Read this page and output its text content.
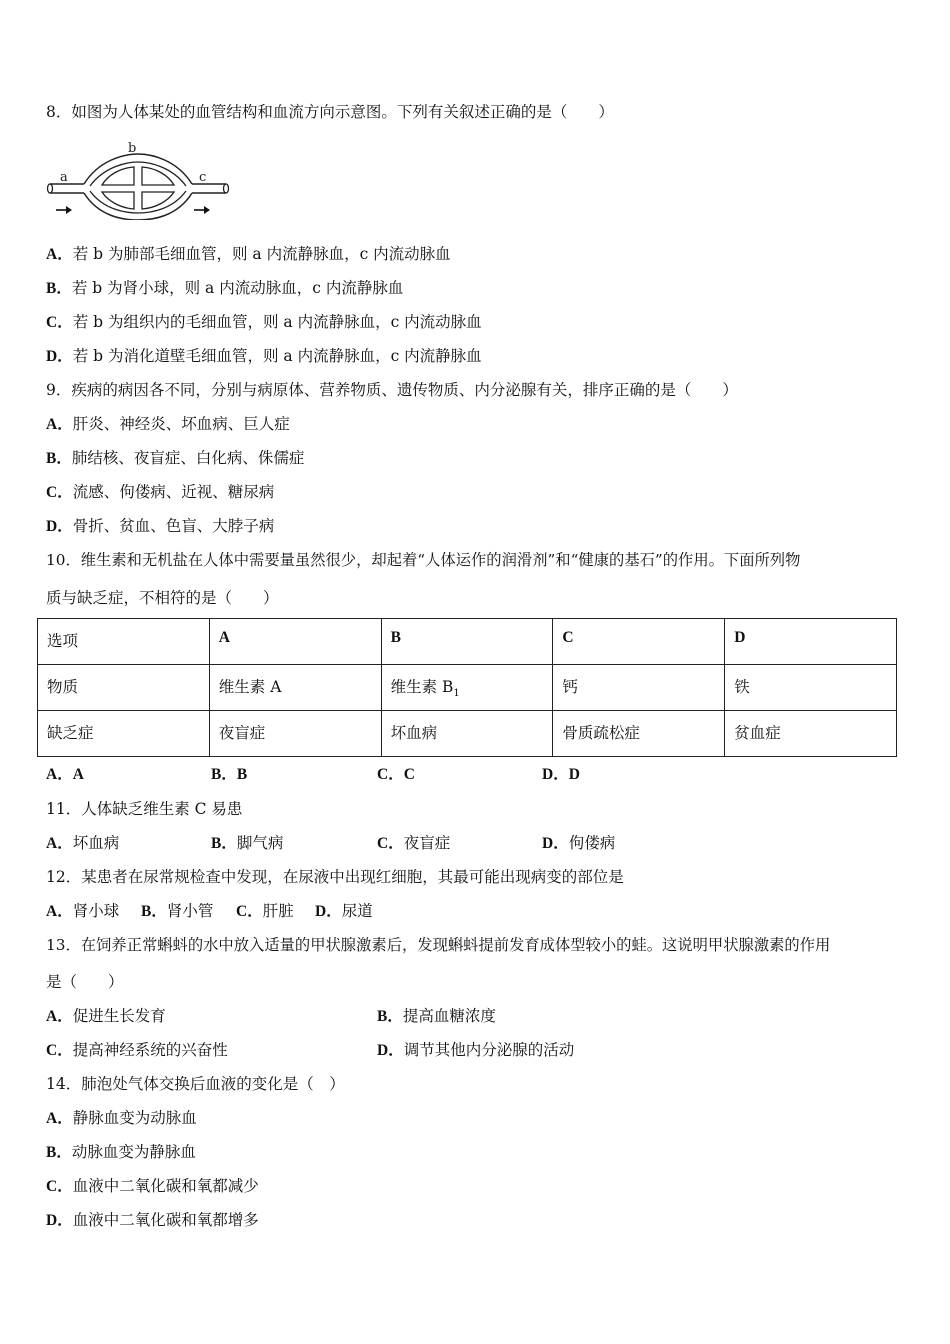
8．如图为人体某处的血管结构和血流方向示意图。下列有关叙述正确的是（　　）
a
b
c
A．若 b 为肺部毛细血管，则 a 内流静脉血，c 内流动脉血
B．若 b 为肾小球，则 a 内流动脉血，c 内流静脉血
C．若 b 为组织内的毛细血管，则 a 内流静脉血，c 内流动脉血
D．若 b 为消化道壁毛细血管，则 a 内流静脉血，c 内流静脉血
9．疾病的病因各不同，分别与病原体、营养物质、遗传物质、内分泌腺有关，排序正确的是（　　）
A．肝炎、神经炎、坏血病、巨人症
B．肺结核、夜盲症、白化病、侏儒症
C．流感、佝偻病、近视、糖尿病
D．骨折、贫血、色盲、大脖子病
10．维生素和无机盐在人体中需要量虽然很少，却起着“人体运作的润滑剂”和“健康的基石”的作用。下面所列物
质与缺乏症，不相符的是（　　）
选项	A	B	C	D
物质	维生素 A	维生素 $B_1$	钙	铁
缺乏症	夜盲症	坏血病	骨质疏松症	贫血症
A．A	B．B	C．C	D．D
11．人体缺乏维生素 C 易患
A．坏血病	B．脚气病	C．夜盲症	D．佝偻病
12．某患者在尿常规检查中发现，在尿液中出现红细胞，其最可能出现病变的部位是
A．肾小球 B．肾小管 C．肝脏 D．尿道
13．在饲养正常蝌蚪的水中放入适量的甲状腺激素后，发现蝌蚪提前发育成体型较小的蛙。这说明甲状腺激素的作用
是（　　）
A．促进生长发育	B．提高血糖浓度
C．提高神经系统的兴奋性	D．调节其他内分泌腺的活动
14．肺泡处气体交换后血液的变化是（　）
A．静脉血变为动脉血
B．动脉血变为静脉血
C．血液中二氧化碳和氧都减少
D．血液中二氧化碳和氧都增多
